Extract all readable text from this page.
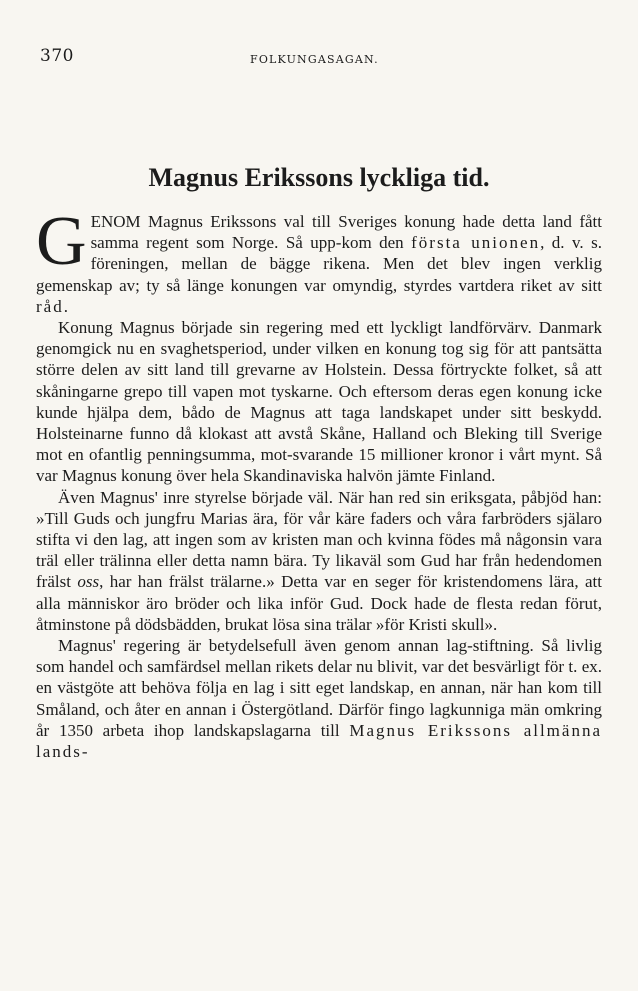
370	FOLKUNGASAGAN.
Magnus Erikssons lyckliga tid.

GENOM Magnus Erikssons val till Sveriges konung hade detta land fått samma regent som Norge. Så upp-kom den första unionen, d. v. s. föreningen, mellan de bägge rikena. Men det blev ingen verklig gemenskap av; ty så länge konungen var omyndig, styrdes vartdera riket av sitt råd.

Konung Magnus började sin regering med ett lyckligt landförvärv. Danmark genomgick nu en svaghetsperiod, under vilken en konung tog sig för att pantsätta större delen av sitt land till grevarne av Holstein. Dessa förtryckte folket, så att skåningarne grepo till vapen mot tyskarne. Och eftersom deras egen konung icke kunde hjälpa dem, bådo de Magnus att taga landskapet under sitt beskydd. Holsteinarne funno då klokast att avstå Skåne, Halland och Bleking till Sverige mot en ofantlig penningsumma, mot-svarande 15 millioner kronor i vårt mynt. Så var Magnus konung över hela Skandinaviska halvön jämte Finland.

Även Magnus' inre styrelse började väl. När han red sin eriksgata, påbjöd han: »Till Guds och jungfru Marias ära, för vår käre faders och våra farbröders själaro stifta vi den lag, att ingen som av kristen man och kvinna födes må någonsin vara träl eller trälinna eller detta namn bära. Ty likaväl som Gud har från hedendomen frälst oss, har han frälst trälarne.» Detta var en seger för kristendomens lära, att alla människor äro bröder och lika inför Gud. Dock hade de flesta redan förut, åtminstone på dödsbädden, brukat lösa sina trälar »för Kristi skull».

Magnus' regering är betydelsefull även genom annan lag-stiftning. Så livlig som handel och samfärdsel mellan rikets delar nu blivit, var det besvärligt för t. ex. en västgöte att behöva följa en lag i sitt eget landskap, en annan, när han kom till Småland, och åter en annan i Östergötland. Därför fingo lagkunniga män omkring år 1350 arbeta ihop landskapslagarna till Magnus Erikssons allmänna lands-
